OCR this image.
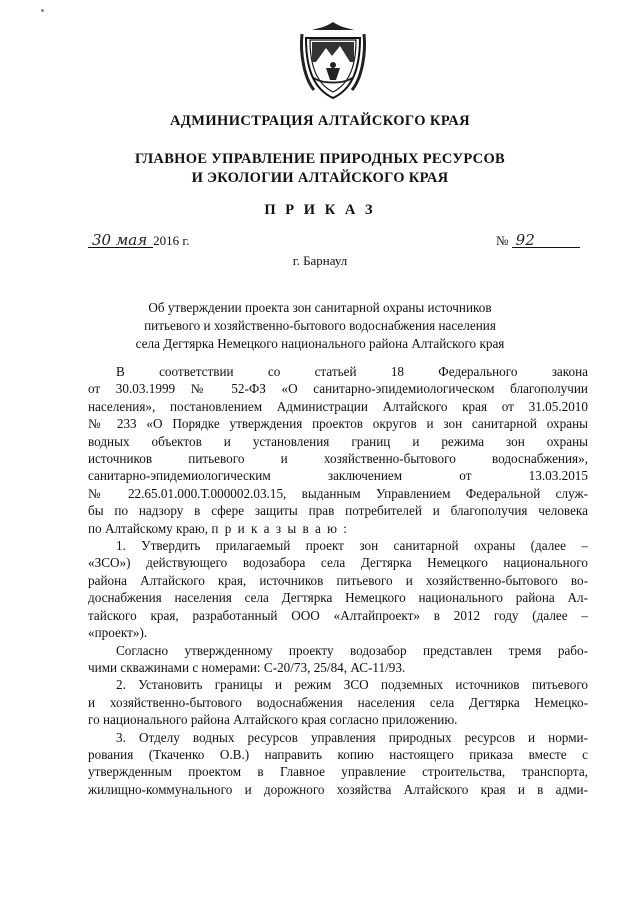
АДМИНИСТРАЦИЯ АЛТАЙСКОГО КРАЯ
ГЛАВНОЕ УПРАВЛЕНИЕ ПРИРОДНЫХ РЕСУРСОВ
И ЭКОЛОГИИ АЛТАЙСКОГО КРАЯ
П Р И К А З
30 мая 2016 г.	№ 92
г. Барнаул
Об утверждении проекта зон санитарной охраны источников
питьевого и хозяйственно-бытового водоснабжения населения
села Дегтярка Немецкого национального района Алтайского края

В соответствии со статьей 18 Федерального закона

от 30.03.1999 № 52-ФЗ «О санитарно-эпидемиологическом благополучии

населения», постановлением Администрации Алтайского края от 31.05.2010

№ 233 «О Порядке утверждения проектов округов и зон санитарной охраны

водных объектов и установления границ и режима зон охраны

источников питьевого и хозяйственно-бытового водоснабжения»,

санитарно-эпидемиологическим заключением от 13.03.2015

№ 22.65.01.000.Т.000002.03.15, выданным Управлением Федеральной служ-

бы по надзору в сфере защиты прав потребителей и благополучия человека

по Алтайскому краю, п р и к а з ы в а ю :

1. Утвердить прилагаемый проект зон санитарной охраны (далее –

«ЗСО») действующего водозабора села Дегтярка Немецкого национального

района Алтайского края, источников питьевого и хозяйственно-бытового во-

доснабжения населения села Дегтярка Немецкого национального района Ал-

тайского края, разработанный ООО «Алтайпроект» в 2012 году (далее –

«проект»).

Согласно утвержденному проекту водозабор представлен тремя рабо-

чими скважинами с номерами: С-20/73, 25/84, АС-11/93.

2. Установить границы и режим ЗСО подземных источников питьевого

и хозяйственно-бытового водоснабжения населения села Дегтярка Немецко-

го национального района Алтайского края согласно приложению.

3. Отделу водных ресурсов управления природных ресурсов и норми-

рования (Ткаченко О.В.) направить копию настоящего приказа вместе с

утвержденным проектом в Главное управление строительства, транспорта,

жилищно-коммунального и дорожного хозяйства Алтайского края и в адми-
